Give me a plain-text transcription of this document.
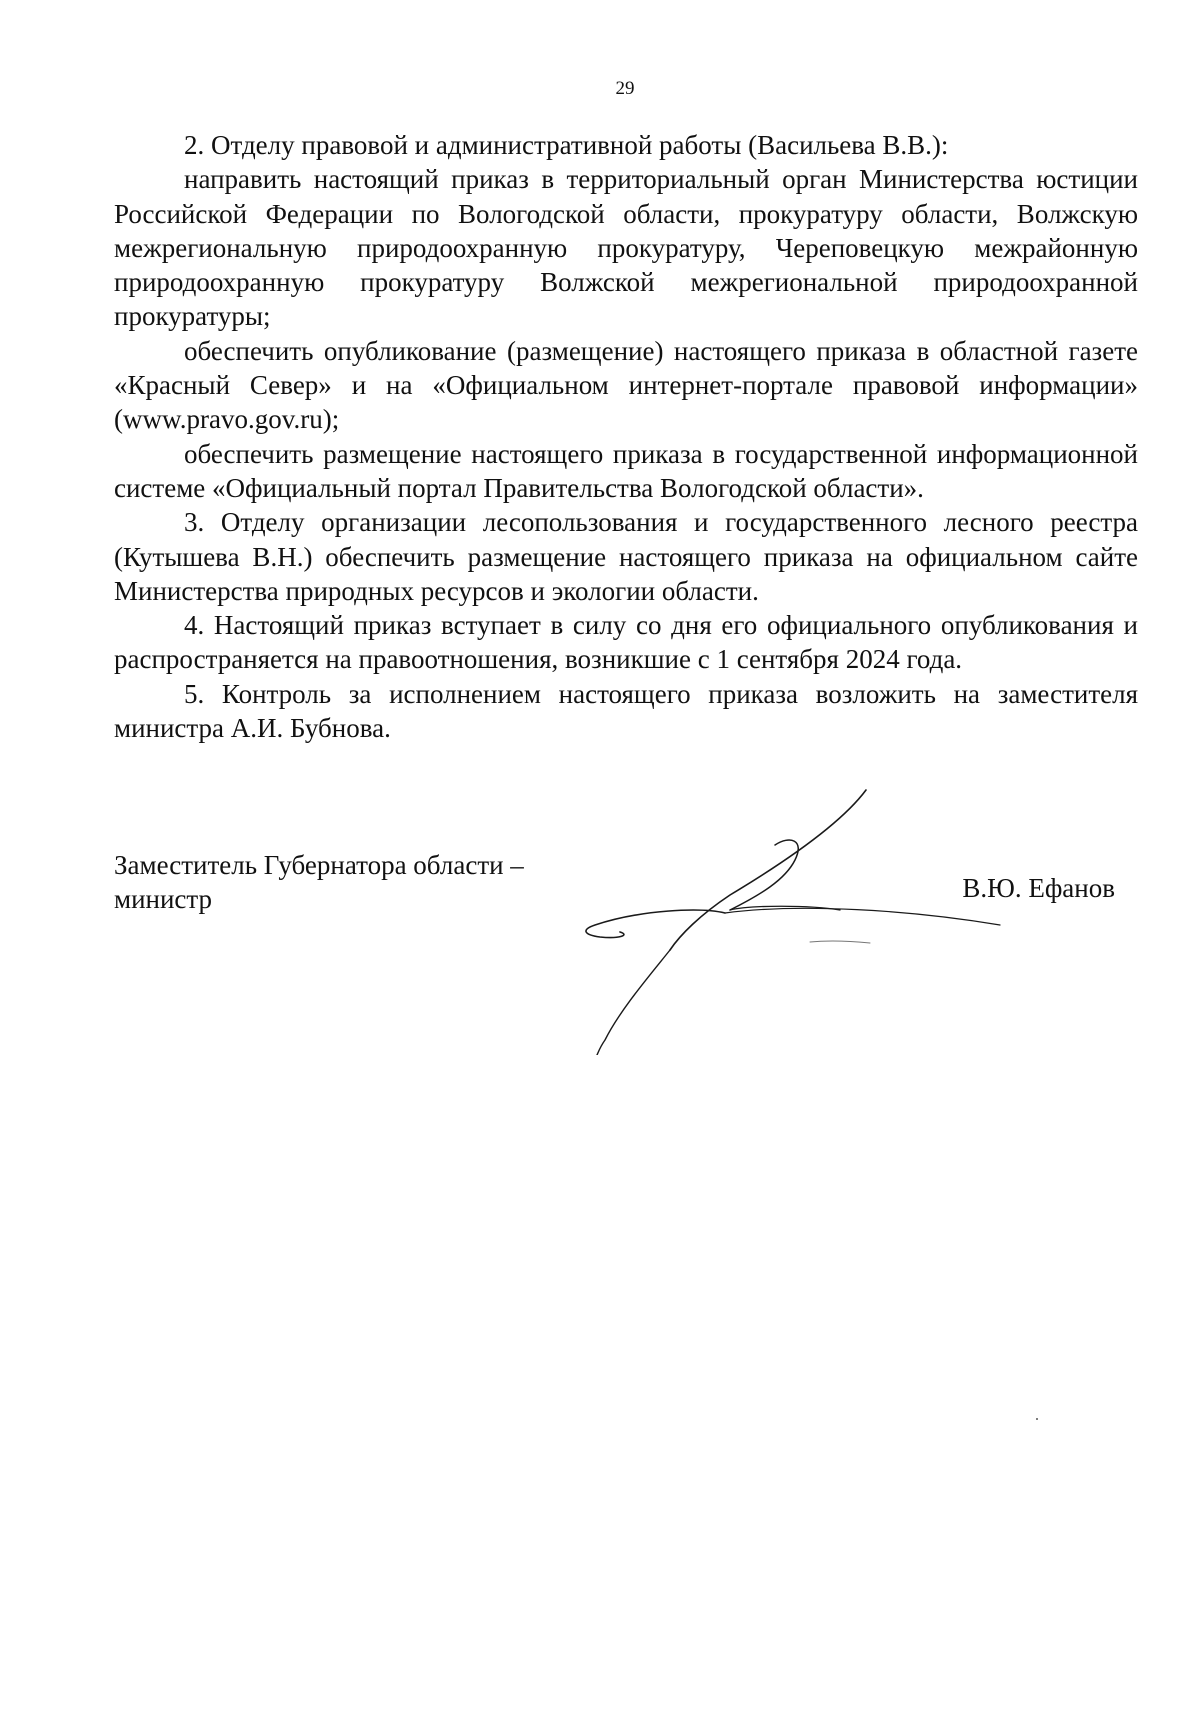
29

2. Отделу правовой и административной работы (Васильева В.В.):

направить настоящий приказ в территориальный орган Министерства юстиции Российской Федерации по Вологодской области, прокуратуру области, Волжскую межрегиональную природоохранную прокуратуру, Череповецкую межрайонную природоохранную прокуратуру Волжской межрегиональной природоохранной прокуратуры;

обеспечить опубликование (размещение) настоящего приказа в областной газете «Красный Север» и на «Официальном интернет-портале правовой информации» (www.pravo.gov.ru);

обеспечить размещение настоящего приказа в государственной информационной системе «Официальный портал Правительства Вологодской области».

3. Отделу организации лесопользования и государственного лесного реестра (Кутышева В.Н.) обеспечить размещение настоящего приказа на официальном сайте Министерства природных ресурсов и экологии области.

4. Настоящий приказ вступает в силу со дня его официального опубликования и распространяется на правоотношения, возникшие с 1 сентября 2024 года.

5. Контроль за исполнением настоящего приказа возложить на заместителя министра А.И. Бубнова.

Заместитель Губернатора области –
министр	В.Ю. Ефанов
